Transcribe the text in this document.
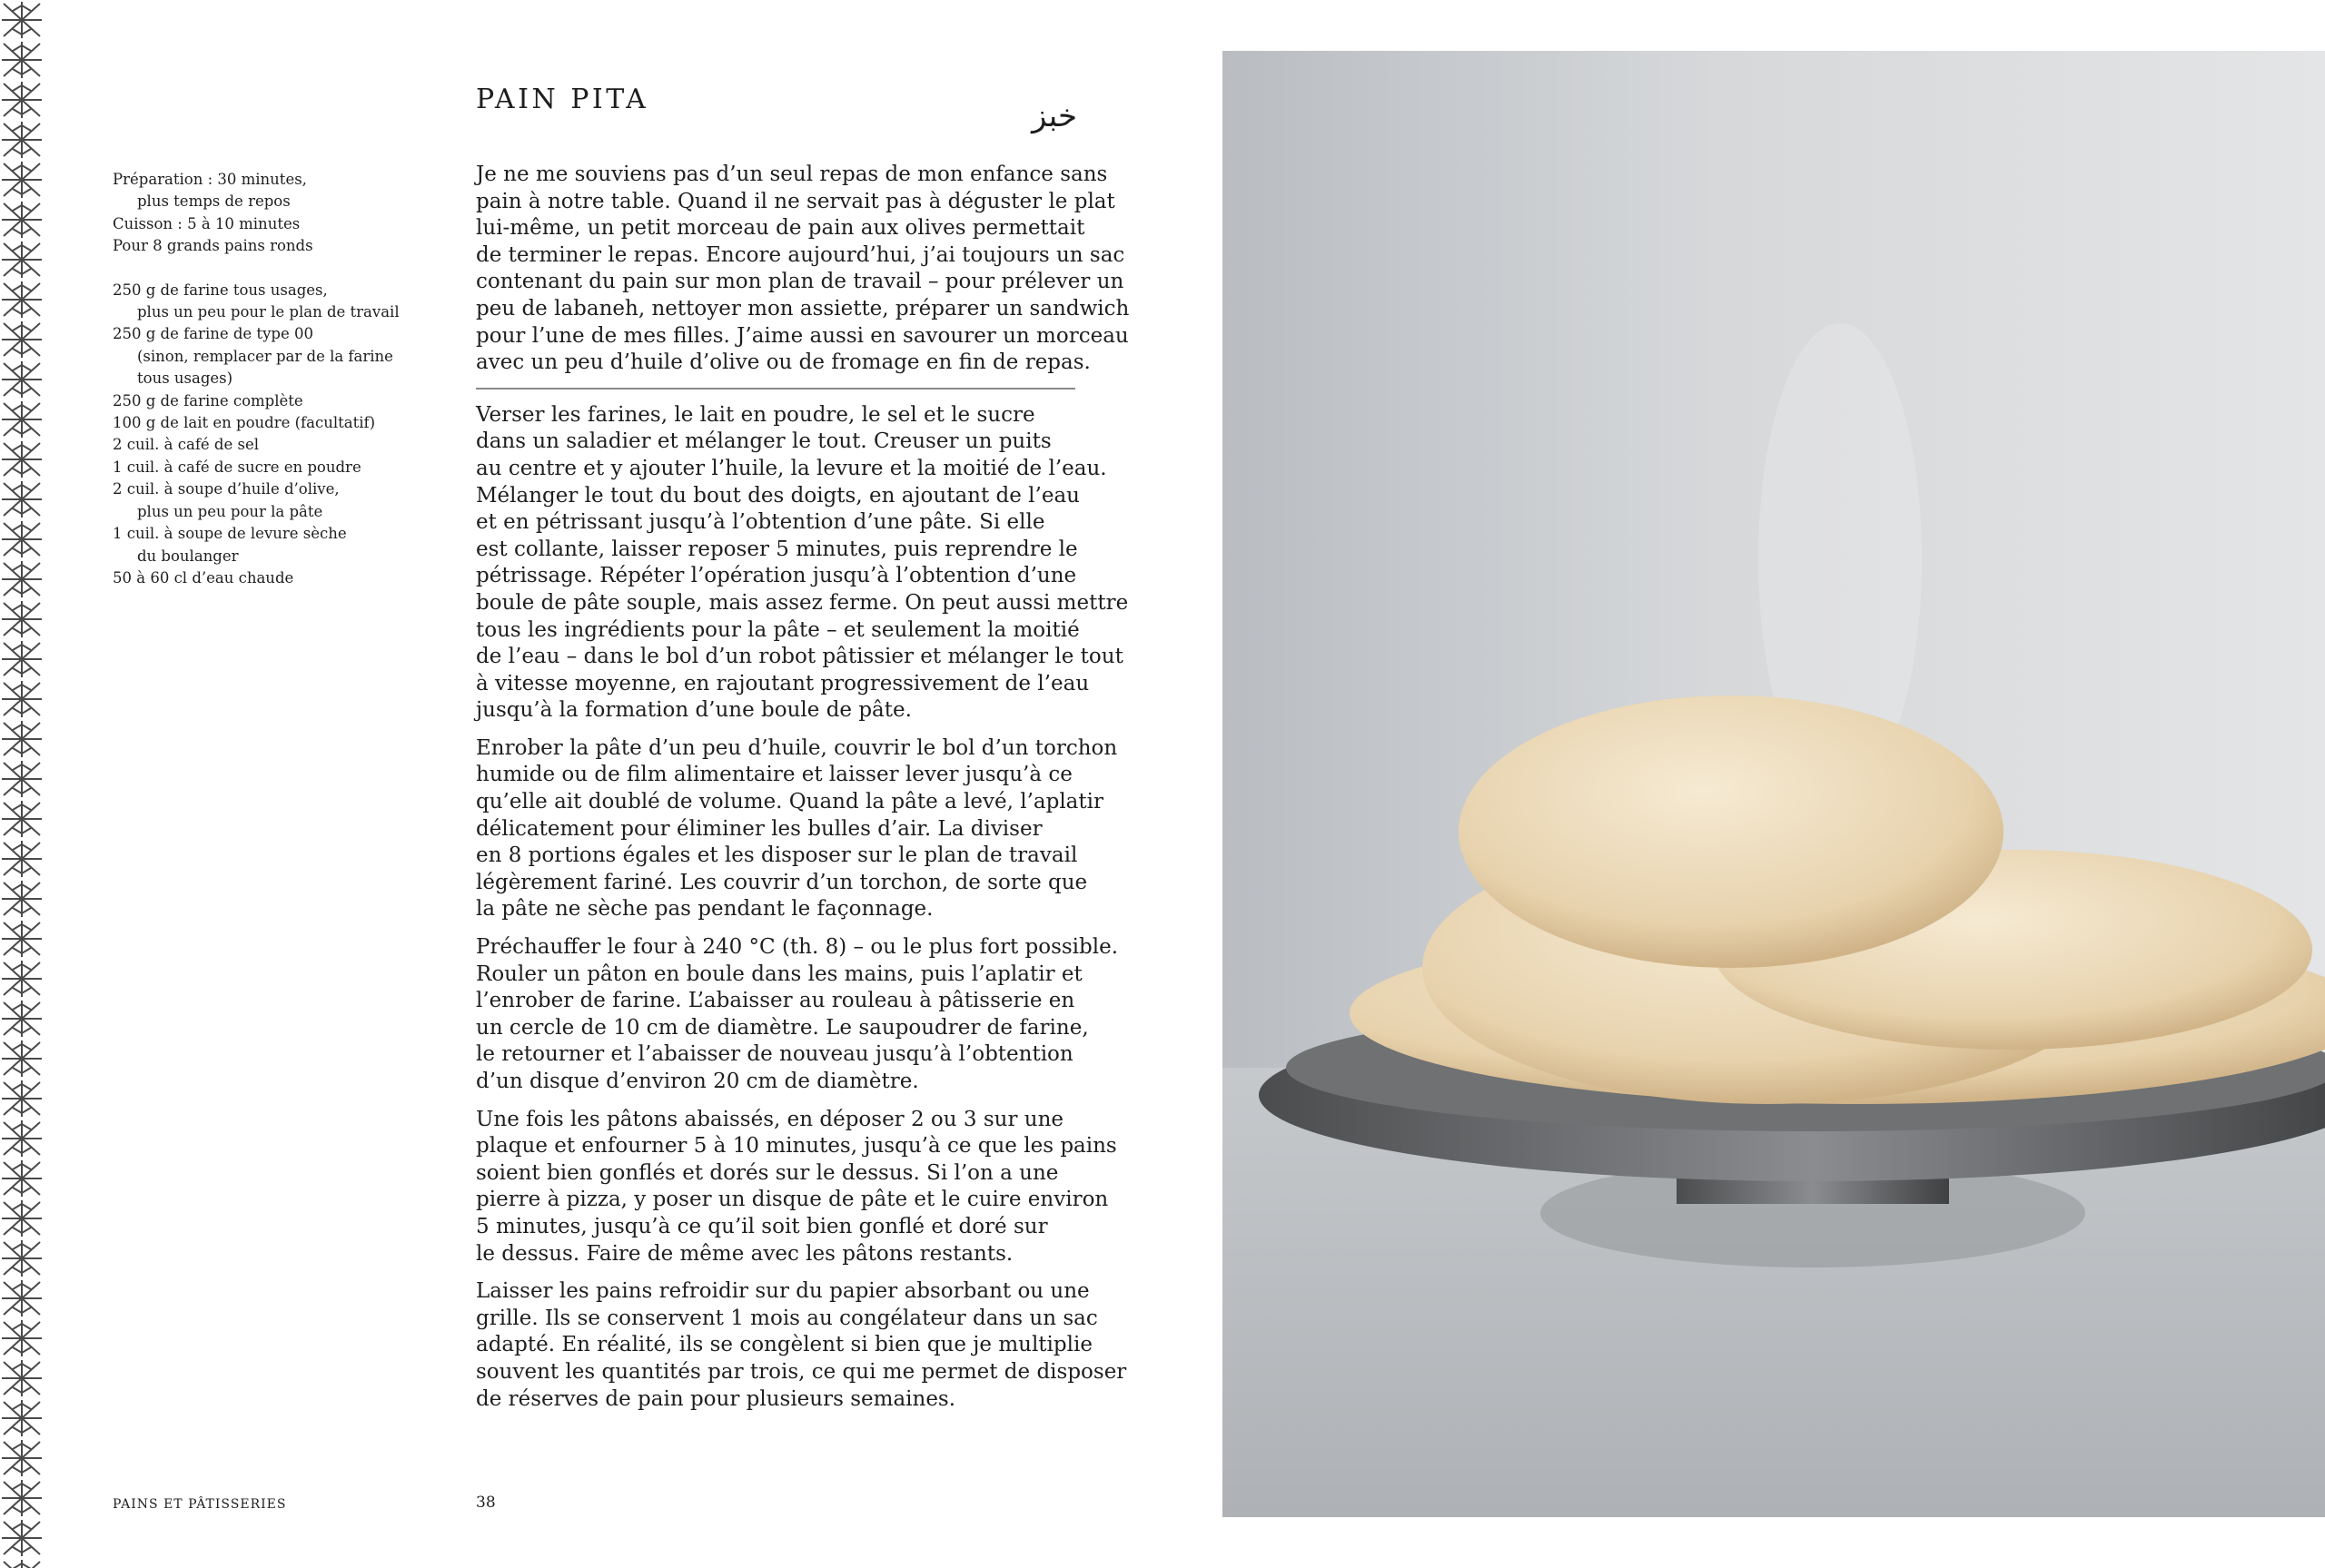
Préparation : 30 minutes,
plus temps de repos
Cuisson : 5 à 10 minutes
Pour 8 grands pains ronds
250 g de farine tous usages,
plus un peu pour le plan de travail
250 g de farine de type 00
(sinon, remplacer par de la farine
tous usages)
250 g de farine complète
100 g de lait en poudre (facultatif)
2 cuil. à café de sel
1 cuil. à café de sucre en poudre
2 cuil. à soupe d’huile d’olive,
plus un peu pour la pâte
1 cuil. à soupe de levure sèche
du boulanger
50 à 60 cl d’eau chaude
PAIN PITA	خبز
Je ne me souviens pas d’un seul repas de mon enfance sans
pain à notre table. Quand il ne servait pas à déguster le plat
lui-même, un petit morceau de pain aux olives permettait
de terminer le repas. Encore aujourd’hui, j’ai toujours un sac
contenant du pain sur mon plan de travail – pour prélever un
peu de labaneh, nettoyer mon assiette, préparer un sandwich
pour l’une de mes filles. J’aime aussi en savourer un morceau
avec un peu d’huile d’olive ou de fromage en fin de repas.
Verser les farines, le lait en poudre, le sel et le sucre
dans un saladier et mélanger le tout. Creuser un puits
au centre et y ajouter l’huile, la levure et la moitié de l’eau.
Mélanger le tout du bout des doigts, en ajoutant de l’eau
et en pétrissant jusqu’à l’obtention d’une pâte. Si elle
est collante, laisser reposer 5 minutes, puis reprendre le
pétrissage. Répéter l’opération jusqu’à l’obtention d’une
boule de pâte souple, mais assez ferme. On peut aussi mettre
tous les ingrédients pour la pâte – et seulement la moitié
de l’eau – dans le bol d’un robot pâtissier et mélanger le tout
à vitesse moyenne, en rajoutant progressivement de l’eau
jusqu’à la formation d’une boule de pâte.
Enrober la pâte d’un peu d’huile, couvrir le bol d’un torchon
humide ou de film alimentaire et laisser lever jusqu’à ce
qu’elle ait doublé de volume. Quand la pâte a levé, l’aplatir
délicatement pour éliminer les bulles d’air. La diviser
en 8 portions égales et les disposer sur le plan de travail
légèrement fariné. Les couvrir d’un torchon, de sorte que
la pâte ne sèche pas pendant le façonnage.
Préchauffer le four à 240 °C (th. 8) – ou le plus fort possible.
Rouler un pâton en boule dans les mains, puis l’aplatir et
l’enrober de farine. L’abaisser au rouleau à pâtisserie en
un cercle de 10 cm de diamètre. Le saupoudrer de farine,
le retourner et l’abaisser de nouveau jusqu’à l’obtention
d’un disque d’environ 20 cm de diamètre.
Une fois les pâtons abaissés, en déposer 2 ou 3 sur une
plaque et enfourner 5 à 10 minutes, jusqu’à ce que les pains
soient bien gonflés et dorés sur le dessus. Si l’on a une
pierre à pizza, y poser un disque de pâte et le cuire environ
5 minutes, jusqu’à ce qu’il soit bien gonflé et doré sur
le dessus. Faire de même avec les pâtons restants.
Laisser les pains refroidir sur du papier absorbant ou une
grille. Ils se conservent 1 mois au congélateur dans un sac
adapté. En réalité, ils se congèlent si bien que je multiplie
souvent les quantités par trois, ce qui me permet de disposer
de réserves de pain pour plusieurs semaines.
PAINS ET PÂTISSERIES	38
